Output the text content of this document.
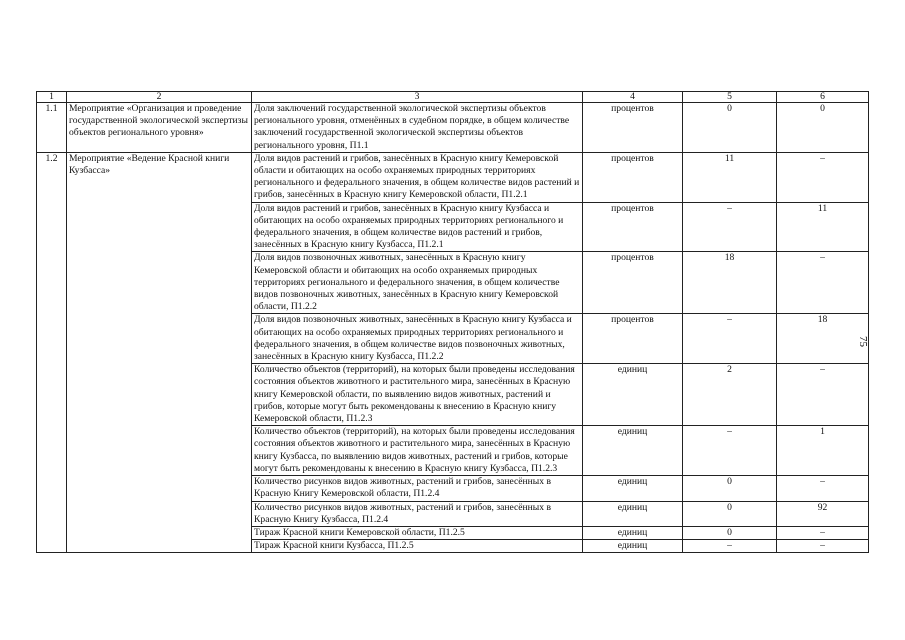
1	2	3	4	5	6
1.1	Мероприятие «Организация и проведение государственной экологической экспертизы объектов регионального уровня»	Доля заключений государственной экологической экспертизы объектов регионального уровня, отменённых в судебном порядке, в общем количестве заключений государственной экологической экспертизы объектов регионального уровня, П1.1	процентов	0	0
1.2	Мероприятие «Ведение Красной книги Кузбасса»	Доля видов растений и грибов, занесённых в Красную книгу Кемеровской области и обитающих на особо охраняемых природных территориях регионального и федерального значения, в общем количестве видов растений и грибов, занесённых в Красную книгу Кемеровской области, П1.2.1	процентов	11	–
		Доля видов растений и грибов, занесённых в Красную книгу Кузбасса и обитающих на особо охраняемых природных территориях регионального и федерального значения, в общем количестве видов растений и грибов, занесённых в Красную книгу Кузбасса, П1.2.1	процентов	–	11
		Доля видов позвоночных животных, занесённых в Красную книгу Кемеровской области и обитающих на особо охраняемых природных территориях регионального и федерального значения, в общем количестве видов позвоночных животных, занесённых в Красную книгу Кемеровской области, П1.2.2	процентов	18	–
		Доля видов позвоночных животных, занесённых в Красную книгу Кузбасса и обитающих на особо охраняемых природных территориях регионального и федерального значения, в общем количестве видов позвоночных животных, занесённых в Красную книгу Кузбасса, П1.2.2	процентов	–	18
		Количество объектов (территорий), на которых были проведены исследования состояния объектов животного и растительного мира, занесённых в Красную книгу Кемеровской области, по выявлению видов животных, растений и грибов, которые могут быть рекомендованы к внесению в Красную книгу Кемеровской области, П1.2.3	единиц	2	–
		Количество объектов (территорий), на которых были проведены исследования состояния объектов животного и растительного мира, занесённых в Красную книгу Кузбасса, по выявлению видов животных, растений и грибов, которые могут быть рекомендованы к внесению в Красную книгу Кузбасса, П1.2.3	единиц	–	1
		Количество рисунков видов животных, растений и грибов, занесённых в Красную Книгу Кемеровской области, П1.2.4	единиц	0	–
		Количество рисунков видов животных, растений и грибов, занесённых в Красную Книгу Кузбасса, П1.2.4	единиц	0	92
		Тираж Красной книги Кемеровской области, П1.2.5	единиц	0	–
		Тираж Красной книги Кузбасса, П1.2.5	единиц	–	–
75
